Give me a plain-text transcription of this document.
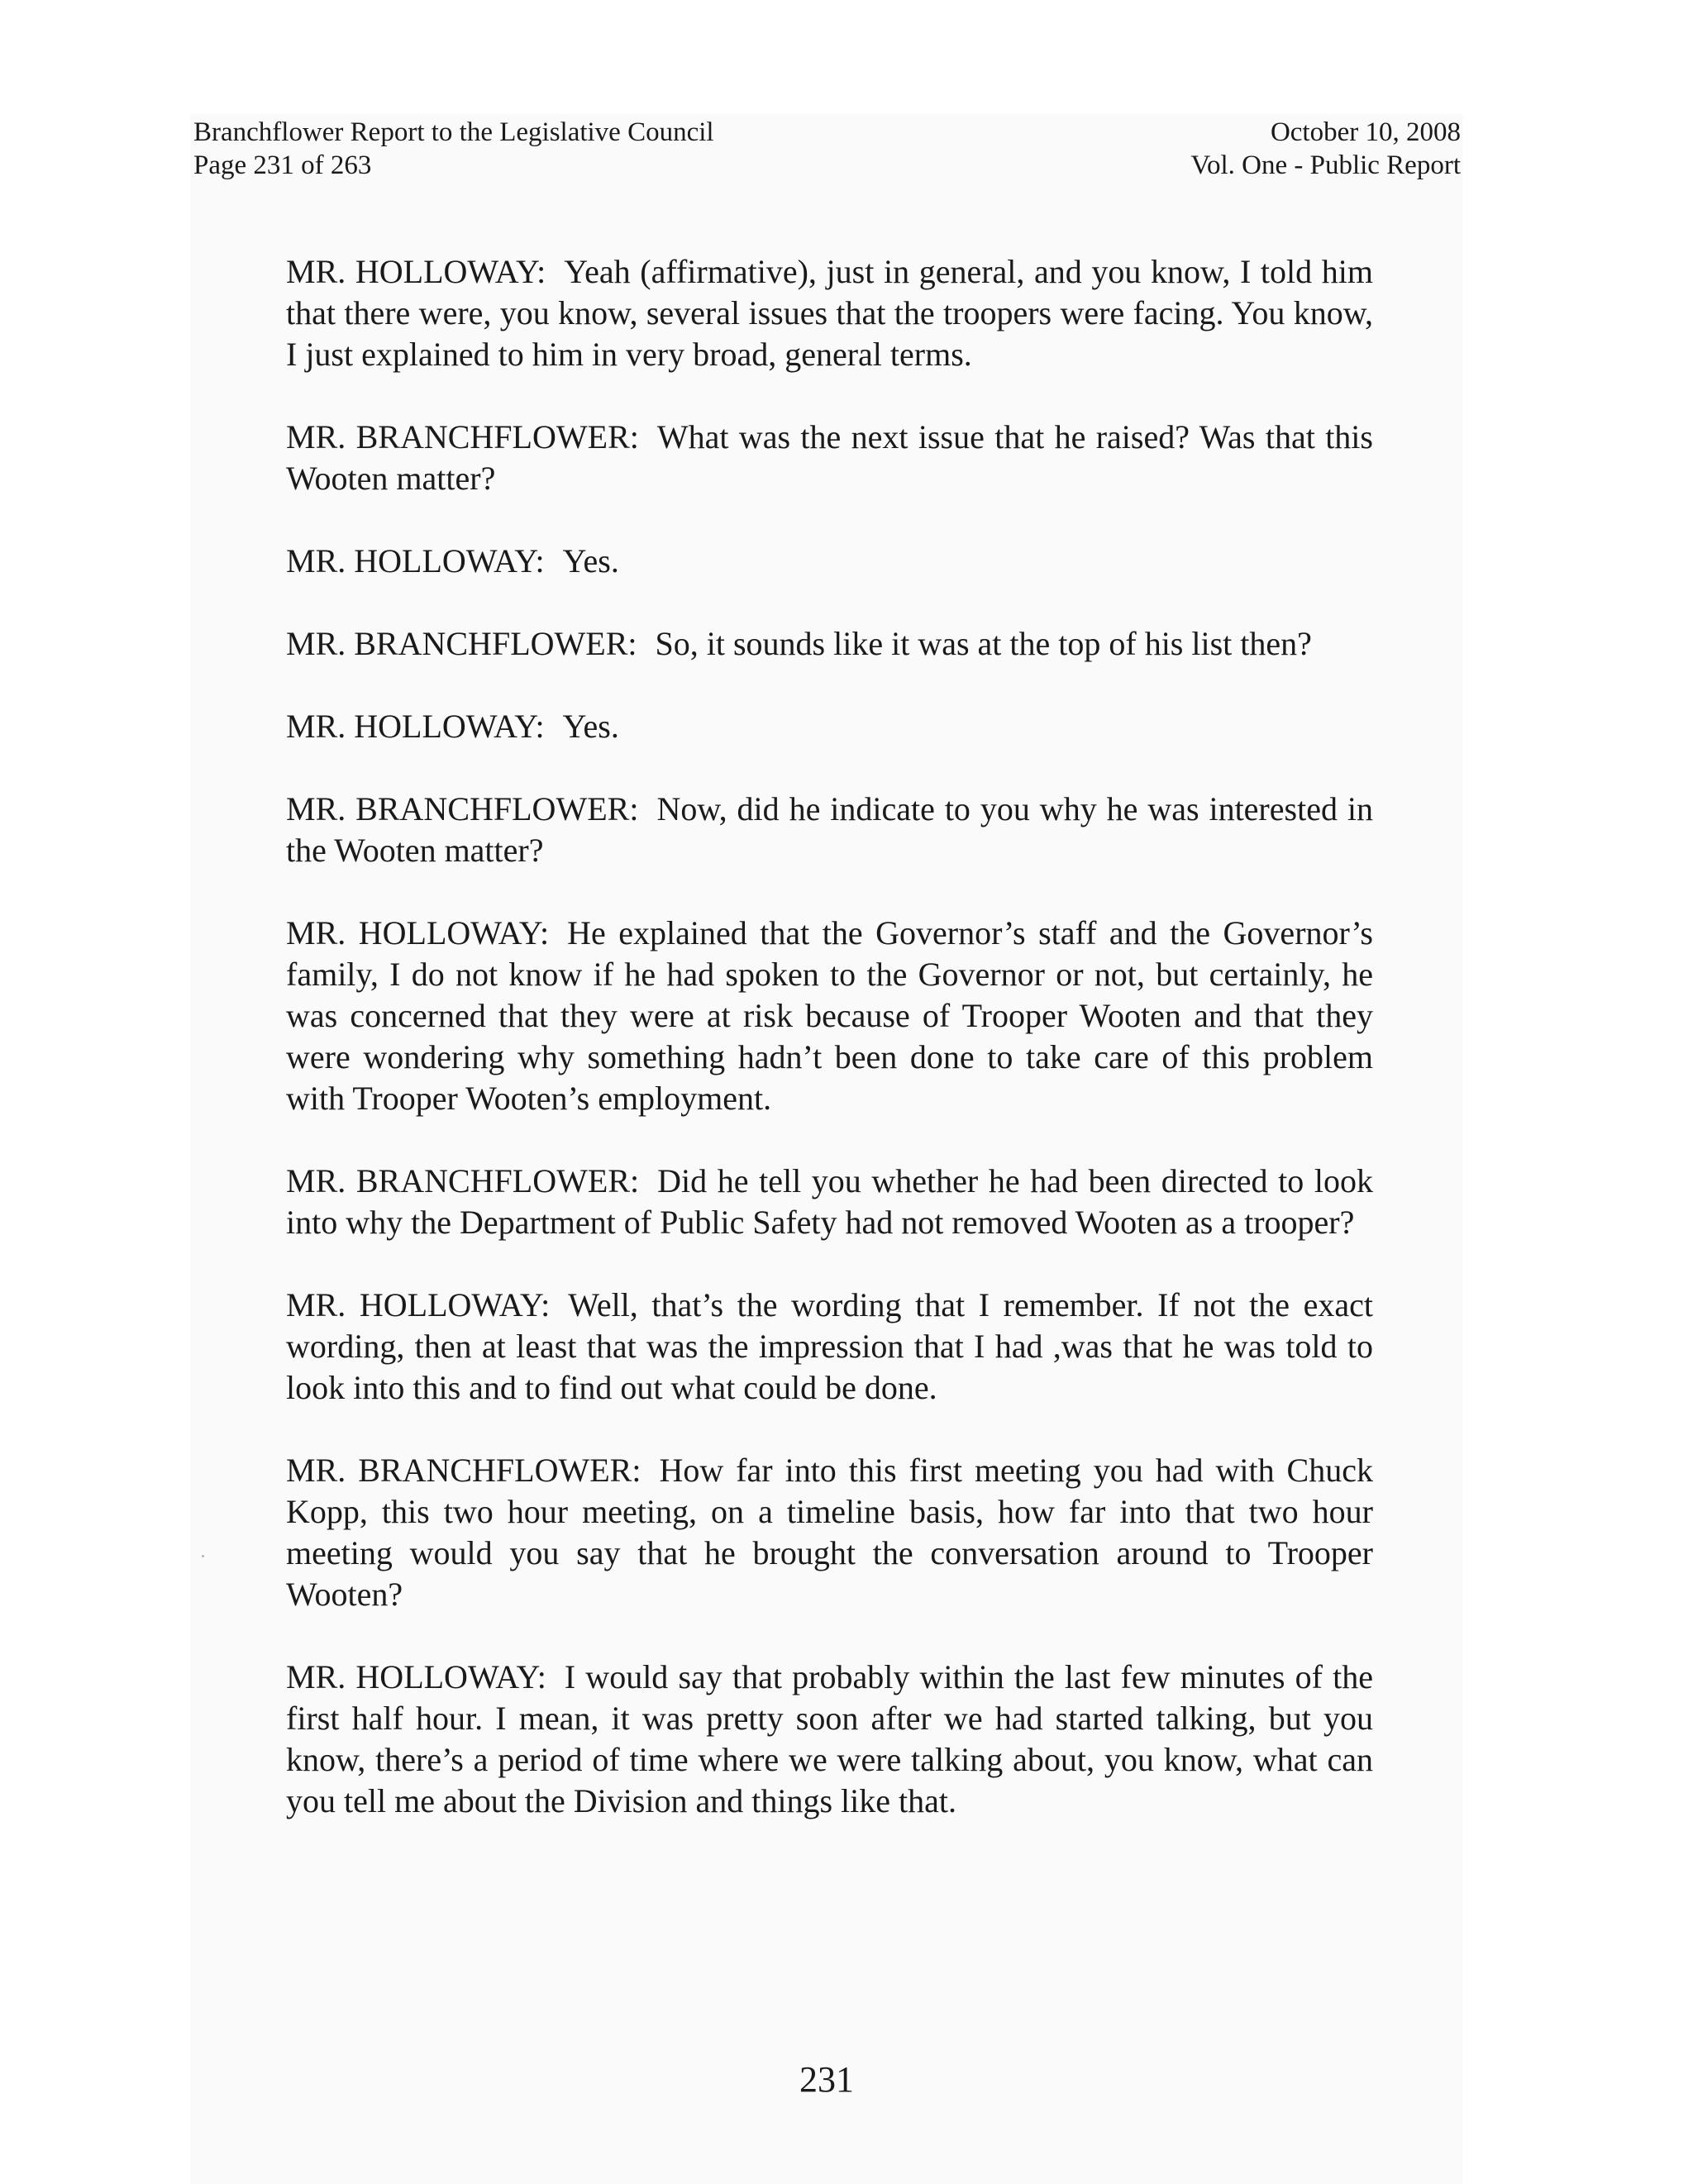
Branchflower Report to the Legislative Council
Page 231 of 263
October 10, 2008
Vol. One - Public Report

MR. HOLLOWAY: Yeah (affirmative), just in general, and you know, I told him that there were, you know, several issues that the troopers were facing. You know, I just explained to him in very broad, general terms.

MR. BRANCHFLOWER: What was the next issue that he raised? Was that this Wooten matter?

MR. HOLLOWAY: Yes.

MR. BRANCHFLOWER: So, it sounds like it was at the top of his list then?

MR. HOLLOWAY: Yes.

MR. BRANCHFLOWER: Now, did he indicate to you why he was interested in the Wooten matter?

MR. HOLLOWAY: He explained that the Governor’s staff and the Governor’s family, I do not know if he had spoken to the Governor or not, but certainly, he was concerned that they were at risk because of Trooper Wooten and that they were wondering why something hadn’t been done to take care of this problem with Trooper Wooten’s employment.

MR. BRANCHFLOWER: Did he tell you whether he had been directed to look into why the Department of Public Safety had not removed Wooten as a trooper?

MR. HOLLOWAY: Well, that’s the wording that I remember. If not the exact wording, then at least that was the impression that I had ,was that he was told to look into this and to find out what could be done.

MR. BRANCHFLOWER: How far into this first meeting you had with Chuck Kopp, this two hour meeting, on a timeline basis, how far into that two hour meeting would you say that he brought the conversation around to Trooper Wooten?

MR. HOLLOWAY: I would say that probably within the last few minutes of the first half hour. I mean, it was pretty soon after we had started talking, but you know, there’s a period of time where we were talking about, you know, what can you tell me about the Division and things like that.

231
